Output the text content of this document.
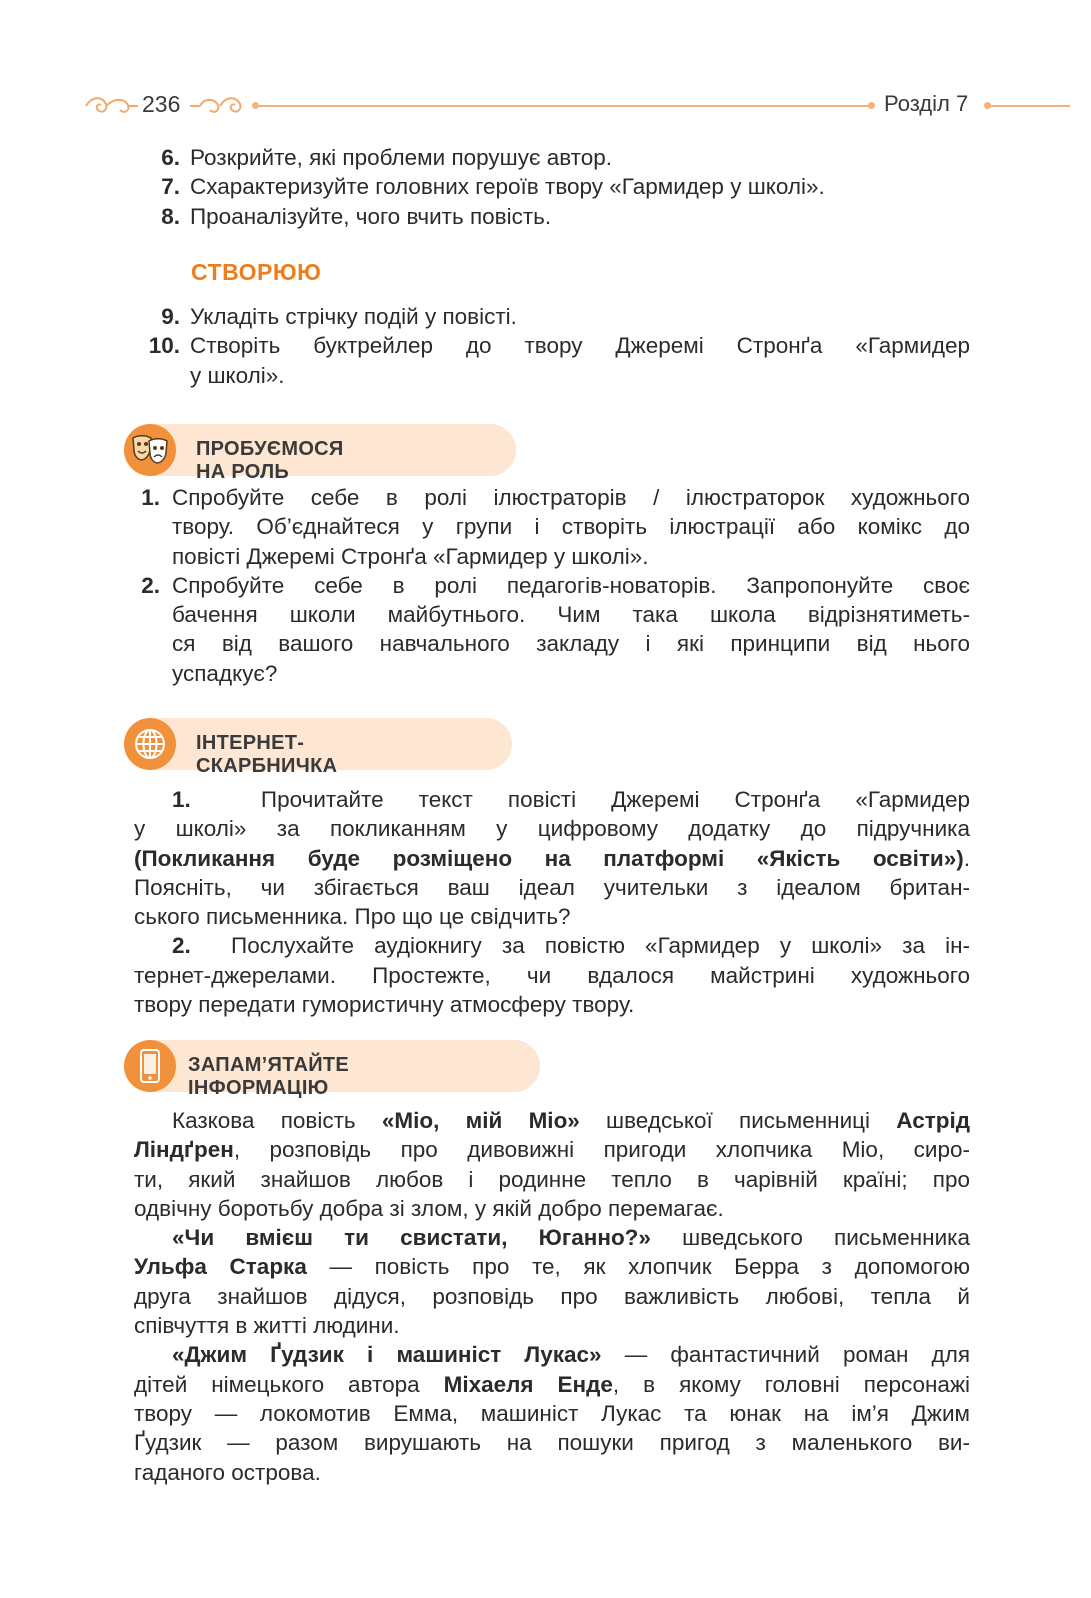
236	Розділ 7
6. Розкрийте, які проблеми порушує автор.
7. Схарактеризуйте головних героїв твору «Гармидер у школі».
8. Проаналізуйте, чого вчить повість.
СТВОРЮЮ
9. Укладіть стрічку подій у повісті.
10. Створіть буктрейлер до твору Джеремі Стронґа «Гармидер
у школі».
ПРОБУЄМОСЯ НА РОЛЬ
1. Спробуйте себе в ролі ілюстраторів / ілюстраторок художнього
твору. Об’єднайтеся у групи і створіть ілюстрації або комікс до
повісті Джеремі Стронґа «Гармидер у школі».
2. Спробуйте себе в ролі педагогів-новаторів. Запропонуйте своє
бачення школи майбутнього. Чим така школа відрізнятиметь-
ся від вашого навчального закладу і які принципи від нього
успадкує?
ІНТЕРНЕТ-СКАРБНИЧКА
1.	Прочитайте текст повісті Джеремі Стронґа «Гармидер
у школі» за покликанням у цифровому додатку до підручника
(Покликання буде розміщено на платформі «Якість освіти»).
Поясніть, чи збігається ваш ідеал учительки з ідеалом британ-
ського письменника. Про що це свідчить?
2. Послухайте аудіокнигу за повістю «Гармидер у школі» за ін-
тернет-джерелами. Простежте, чи вдалося майстрині художнього
твору передати гумористичну атмосферу твору.
ЗАПАМ’ЯТАЙТЕ ІНФОРМАЦІЮ
Казкова повість «Міо, мій Міо» шведської письменниці Астрід
Ліндґрен, розповідь про дивовижні пригоди хлопчика Міо, сиро-
ти, який знайшов любов і родинне тепло в чарівній країні; про
одвічну боротьбу добра зі злом, у якій добро перемагає.
«Чи вмієш ти свистати, Юганно?» шведського письменника
Ульфа Старка — повість про те, як хлопчик Берра з допомогою
друга знайшов дідуся, розповідь про важливість любові, тепла й
співчуття в житті людини.
«Джим Ґудзик і машиніст Лукас» — фантастичний роман для
дітей німецького автора Міхаеля Енде, в якому головні персонажі
твору — локомотив Емма, машиніст Лукас та юнак на ім’я Джим
Ґудзик — разом вирушають на пошуки пригод з маленького ви-
гаданого острова.
